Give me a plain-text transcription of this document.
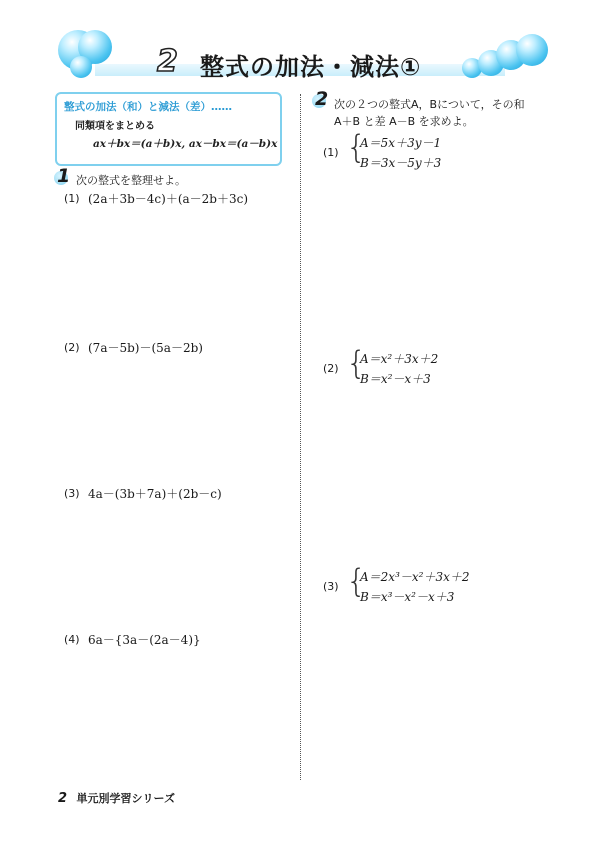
2 整式の加法・減法①
整式の加法（和）と減法（差）……
同類項をまとめる
ax＋bx＝(a＋b)x, ax－bx＝(a－b)x
1 次の整式を整理せよ。
(1) (2a＋3b－4c)＋(a－2b＋3c)
(2) (7a－5b)－(5a－2b)
(3) 4a－(3b＋7a)＋(2b－c)
(4) 6a－{3a－(2a－4)}
2 次の２つの整式A，Bについて，その和
A＋B と差 A－B を求めよ。
(1) {
A＝5x＋3y－1
B＝3x－5y＋3
(2) {
A＝x²＋3x＋2
B＝x²－x＋3
(3) {
A＝2x³－x²＋3x＋2
B＝x³－x²－x＋3
2 単元別学習シリーズ
